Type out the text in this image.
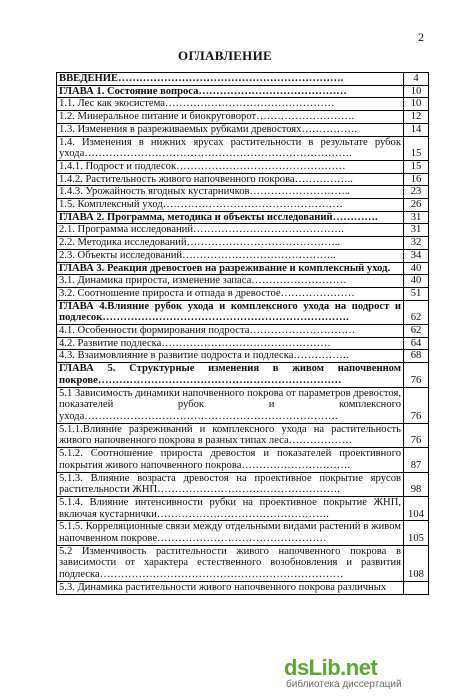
2
ОГЛАВЛЕНИЕ
ВВЕДЕНИЕ……………………………………………………….	4
ГЛАВА 1. Состояние вопроса……………………………………	10
1.1. Лес как экосистема…………………………………………	10
1.2. Минеральное питание и биокруговорот……………………….	12
1.3. Изменения в разреживаемых рубками древостоях…………….	14
1.4. Изменения в нижних ярусах растительности в результате рубок ухода………………………………………………………………….	15
1.4.1. Подрост и подлесок…………………………………………	15
1.4.2. Растительность живого напочвенного покрова……………..	16
1.4.3. Урожайность ягодных кустарничков………………………..	23
1.5. Комплексный уход……………………………………………	26
ГЛАВА 2. Программа, методика и объекты исследований………….	31
2.1. Программа исследований…………………………………….	31
2.2. Методика исследований……………………………………..	32
2.3. Объекты исследований……………………………………..	34
ГЛАВА 3. Реакция древостоев на разреживание и комплексный уход.	40
3.1. Динамика прироста, изменение запаса………………………	40
3.2. Соотношение прироста и отпада в древостое…………………	51
ГЛАВА 4.Влияние рубок ухода и комплексного ухода на подрост и подлесок…………………………………………………………….	62
4.1. Особенности формирования подроста…………………………	62
4.2. Развитие подлеска…………………………………………	64
4.3. Взаимовлияние в развитие подроста и подлеска…………….	68
ГЛАВА 5. Структурные изменения в живом напочвенном покрове……………………………………………………………	76
5.1 Зависимость динамики напочвенного покрова от параметров древостоя, показателей рубок и комплексного ухода………………………………………………………………	76
5.1.1.Влияние разреживаний и комплексного ухода на растительность живого напочвенного покрова в разных типах леса………………	76
5.1.2. Соотношение прироста древостоя и показателей проективного покрытия живого напочвенного покрова………………………….	87
5.1.3. Влияние возраста древостоя на проективное покрытие ярусов растительности ЖНП…………………………………………….	98
5.1.4. Влияние интенсивности рубки на проективное покрытие ЖНП, включая кустарнички………………………………………….	104
5.1.5. Корреляционные связи между отдельными видами растений в живом напочвенном покрове…………………………………………	105
5.2 Изменчивость растительности живого напочвенного покрова в зависимости от характера естественного возобновления и развития подлеска……………………………………………………………	108
5.3. Динамика растительности живого напочвенного покрова различных	
dsLib.net
библиотека диссертаций
